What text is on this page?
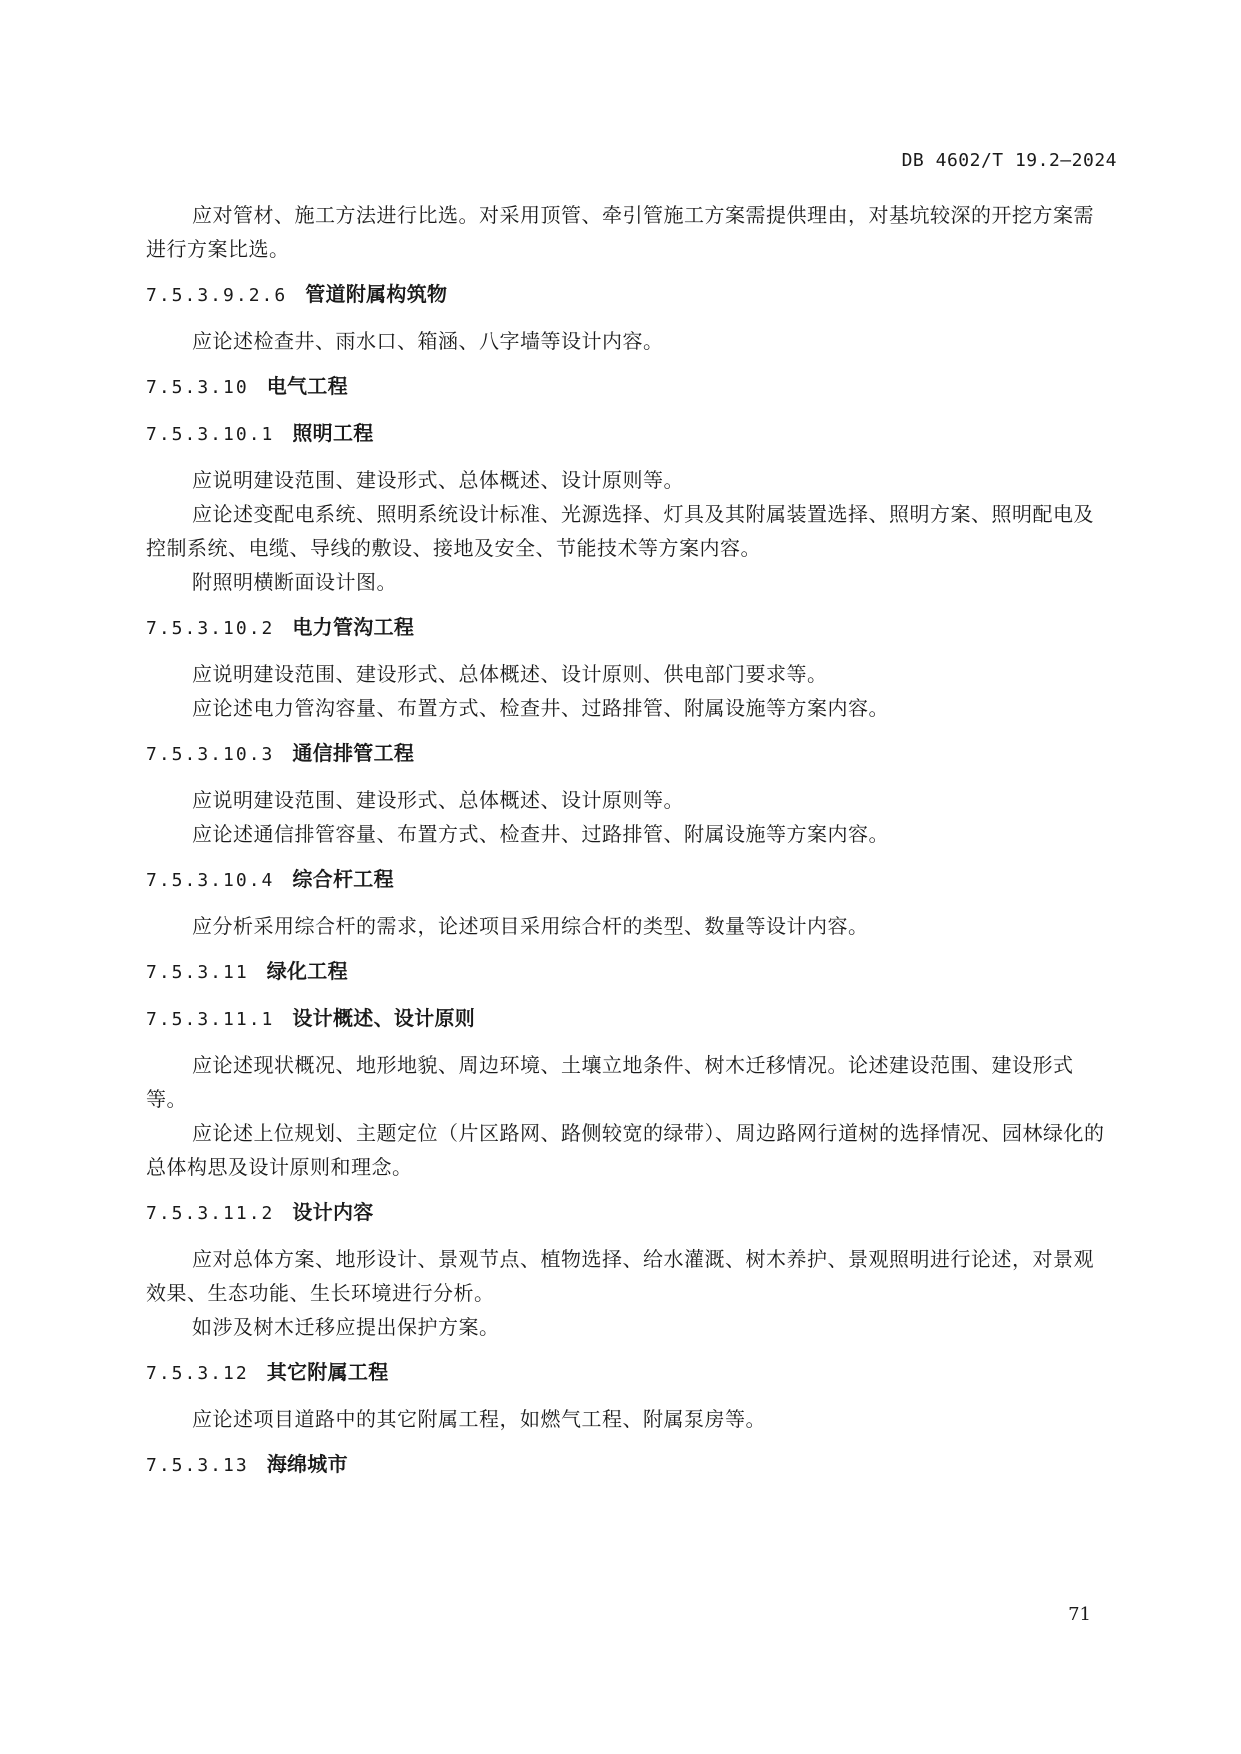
DB 4602/T 19.2—2024

应对管材、施工方法进行比选。对采用顶管、牵引管施工方案需提供理由，对基坑较深的开挖方案需进行方案比选。

7.5.3.9.2.6 管道附属构筑物

应论述检查井、雨水口、箱涵、八字墙等设计内容。

7.5.3.10 电气工程
7.5.3.10.1 照明工程

应说明建设范围、建设形式、总体概述、设计原则等。

应论述变配电系统、照明系统设计标准、光源选择、灯具及其附属装置选择、照明方案、照明配电及控制系统、电缆、导线的敷设、接地及安全、节能技术等方案内容。

附照明横断面设计图。

7.5.3.10.2 电力管沟工程

应说明建设范围、建设形式、总体概述、设计原则、供电部门要求等。

应论述电力管沟容量、布置方式、检查井、过路排管、附属设施等方案内容。

7.5.3.10.3 通信排管工程

应说明建设范围、建设形式、总体概述、设计原则等。

应论述通信排管容量、布置方式、检查井、过路排管、附属设施等方案内容。

7.5.3.10.4 综合杆工程

应分析采用综合杆的需求，论述项目采用综合杆的类型、数量等设计内容。

7.5.3.11 绿化工程
7.5.3.11.1 设计概述、设计原则

应论述现状概况、地形地貌、周边环境、土壤立地条件、树木迁移情况。论述建设范围、建设形式等。

应论述上位规划、主题定位（片区路网、路侧较宽的绿带）、周边路网行道树的选择情况、园林绿化的总体构思及设计原则和理念。

7.5.3.11.2 设计内容

应对总体方案、地形设计、景观节点、植物选择、给水灌溉、树木养护、景观照明进行论述，对景观效果、生态功能、生长环境进行分析。

如涉及树木迁移应提出保护方案。

7.5.3.12 其它附属工程

应论述项目道路中的其它附属工程，如燃气工程、附属泵房等。

7.5.3.13 海绵城市
71
